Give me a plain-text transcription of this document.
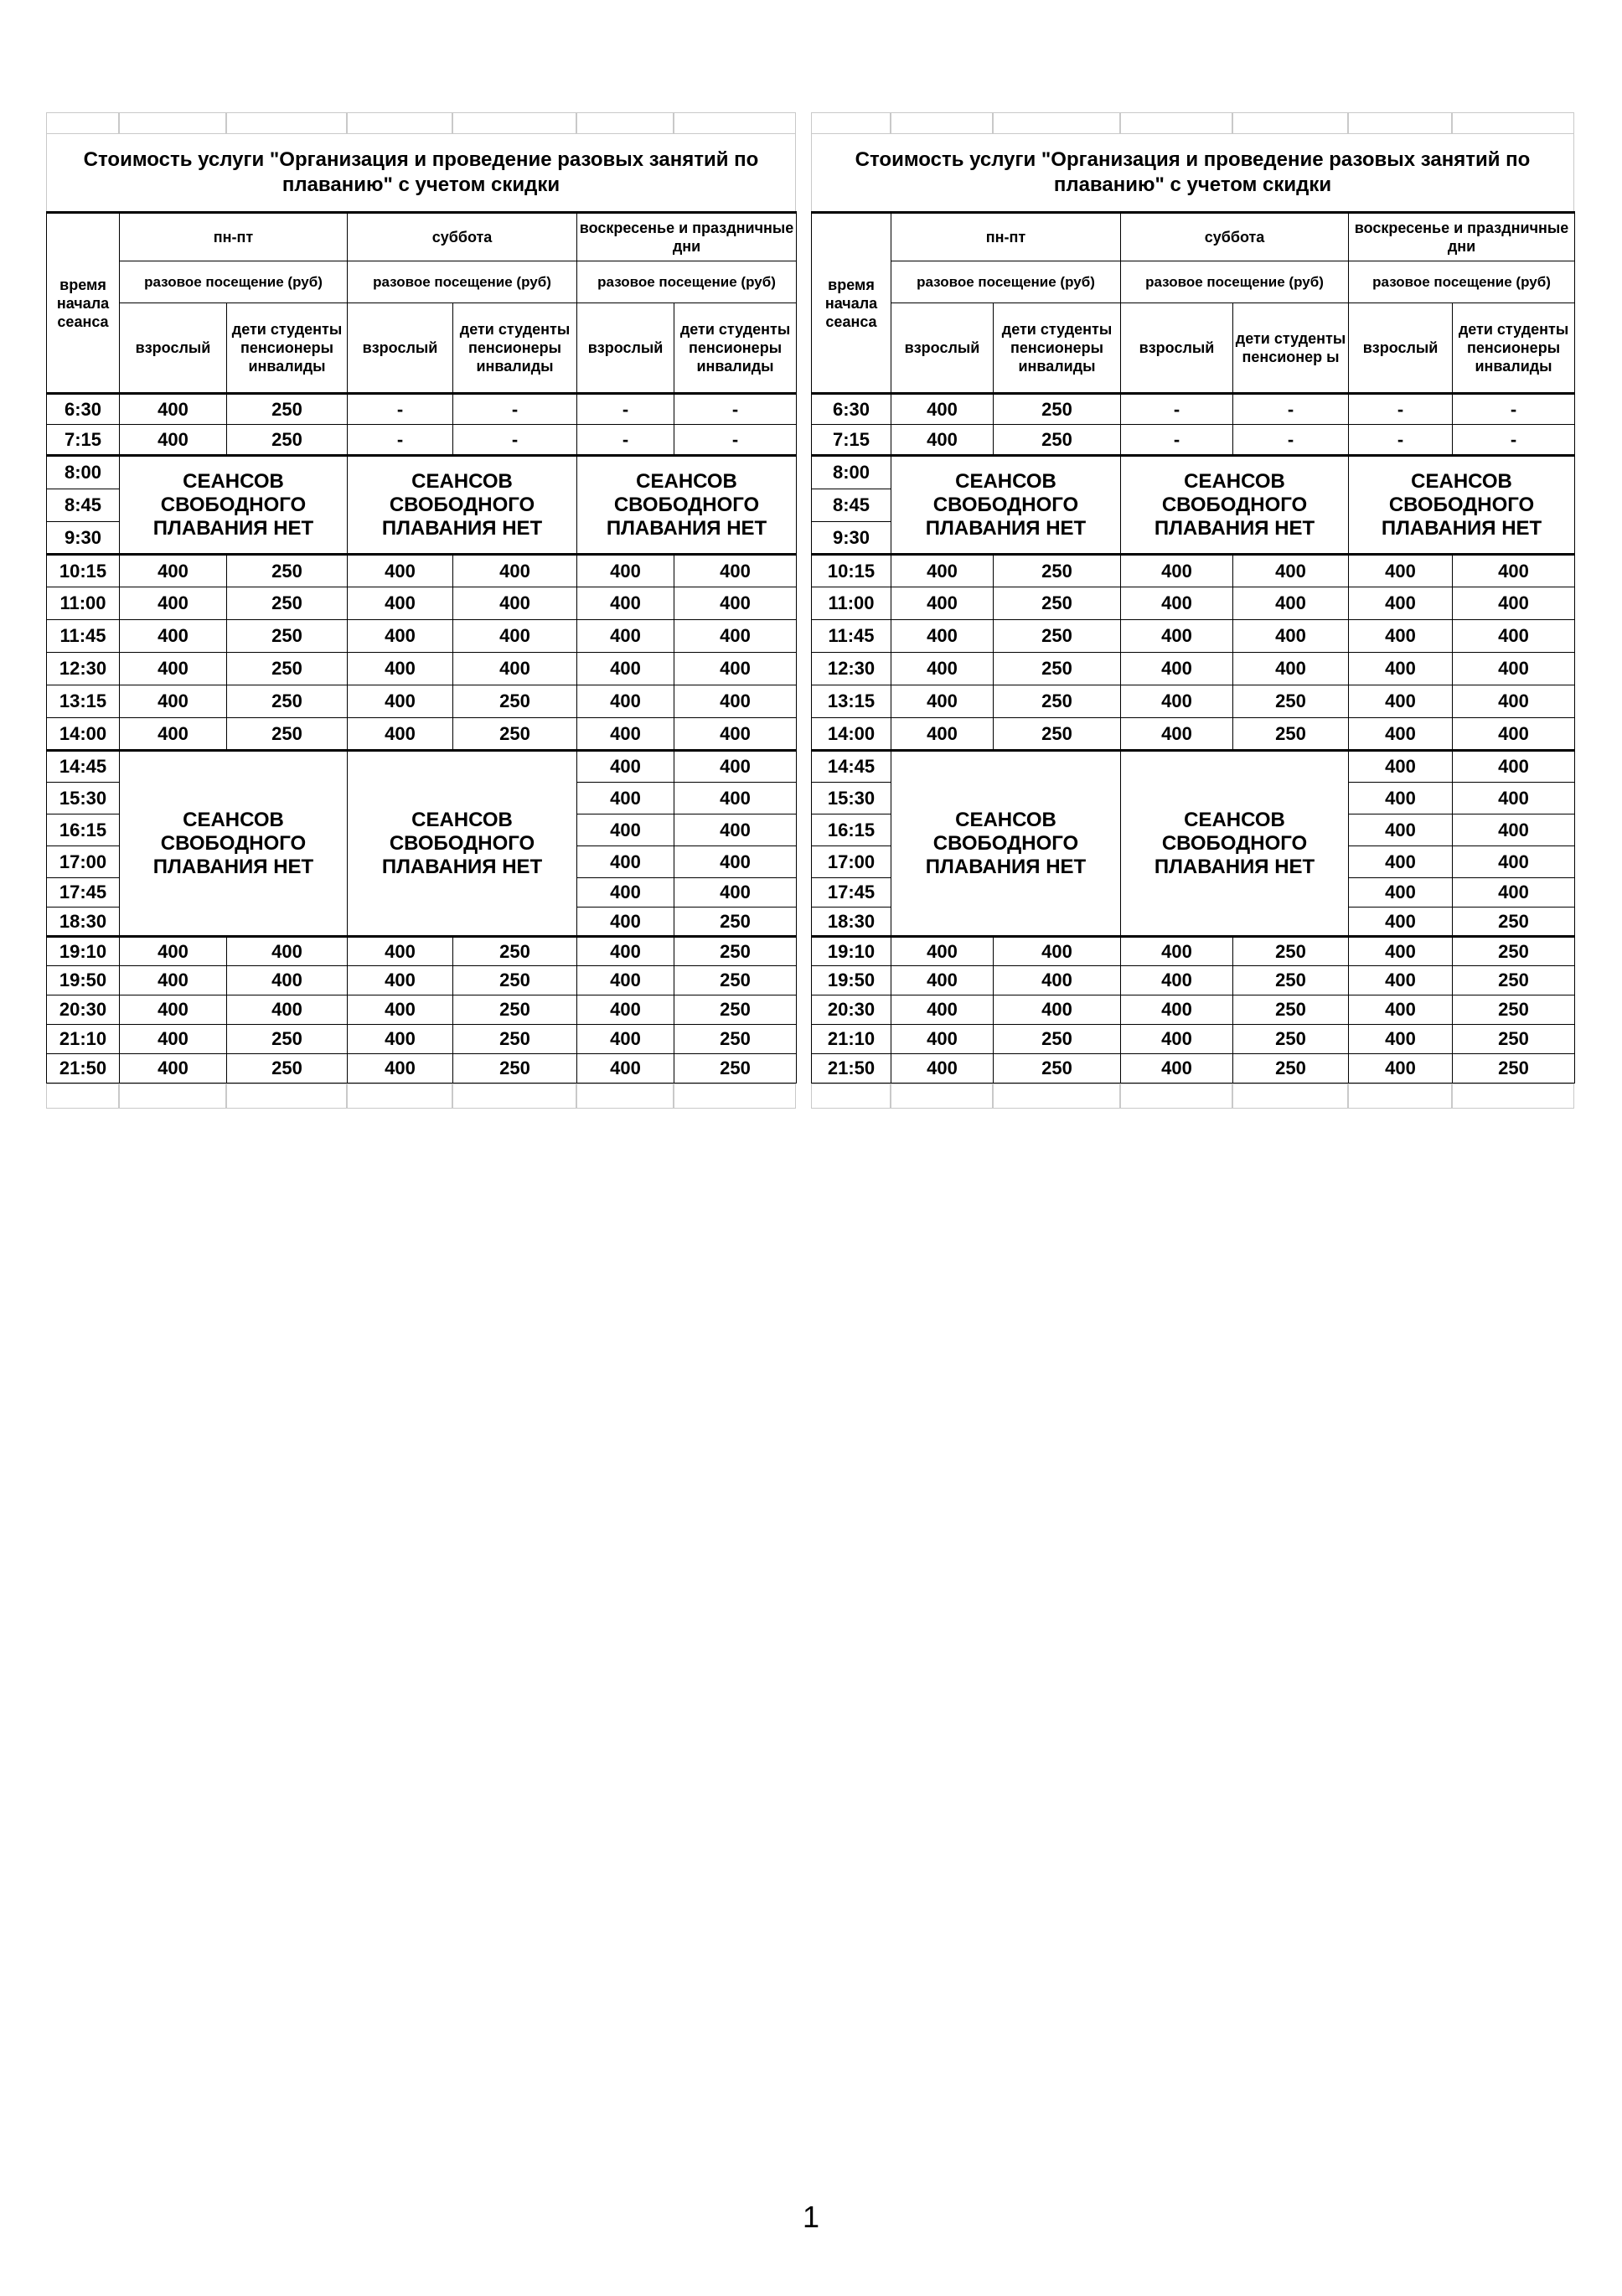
Стоимость услуги "Организация и проведение разовых занятий по плаванию" с учетом скидки
время начала сеанса	пн-пт		суббота		воскресенье и праздничные дни	
	разовое посещение (руб)		разовое посещение (руб)		разовое посещение (руб)	
	взрослый	дети студенты пенсионеры инвалиды	взрослый	дети студенты пенсионеры инвалиды	взрослый	дети студенты пенсионеры инвалиды
6:30	400	250	-	-	-	-
7:15	400	250	-	-	-	-
8:00	СЕАНСОВ СВОБОДНОГО ПЛАВАНИЯ НЕТ		СЕАНСОВ СВОБОДНОГО ПЛАВАНИЯ НЕТ		СЕАНСОВ СВОБОДНОГО ПЛАВАНИЯ НЕТ	
8:45						
9:30						
10:15	400	250	400	400	400	400
11:00	400	250	400	400	400	400
11:45	400	250	400	400	400	400
12:30	400	250	400	400	400	400
13:15	400	250	400	250	400	400
14:00	400	250	400	250	400	400
14:45	СЕАНСОВ СВОБОДНОГО ПЛАВАНИЯ НЕТ		СЕАНСОВ СВОБОДНОГО ПЛАВАНИЯ НЕТ		400	400
15:30					400	400
16:15					400	400
17:00					400	400
17:45					400	400
18:30					400	250
19:10	400	400	400	250	400	250
19:50	400	400	400	250	400	250
20:30	400	400	400	250	400	250
21:10	400	250	400	250	400	250
21:50	400	250	400	250	400	250
Стоимость услуги "Организация и проведение разовых занятий по плаванию" с учетом скидки
время начала сеанса	пн-пт		суббота		воскресенье и праздничные дни	
	разовое посещение (руб)		разовое посещение (руб)		разовое посещение (руб)	
	взрослый	дети студенты пенсионеры инвалиды	взрослый	дети студенты пенсионер ы	взрослый	дети студенты пенсионеры инвалиды
6:30	400	250	-	-	-	-
7:15	400	250	-	-	-	-
8:00	СЕАНСОВ СВОБОДНОГО ПЛАВАНИЯ НЕТ		СЕАНСОВ СВОБОДНОГО ПЛАВАНИЯ НЕТ		СЕАНСОВ СВОБОДНОГО ПЛАВАНИЯ НЕТ	
8:45						
9:30						
10:15	400	250	400	400	400	400
11:00	400	250	400	400	400	400
11:45	400	250	400	400	400	400
12:30	400	250	400	400	400	400
13:15	400	250	400	250	400	400
14:00	400	250	400	250	400	400
14:45	СЕАНСОВ СВОБОДНОГО ПЛАВАНИЯ НЕТ		СЕАНСОВ СВОБОДНОГО ПЛАВАНИЯ НЕТ		400	400
15:30					400	400
16:15					400	400
17:00					400	400
17:45					400	400
18:30					400	250
19:10	400	400	400	250	400	250
19:50	400	400	400	250	400	250
20:30	400	400	400	250	400	250
21:10	400	250	400	250	400	250
21:50	400	250	400	250	400	250
1
